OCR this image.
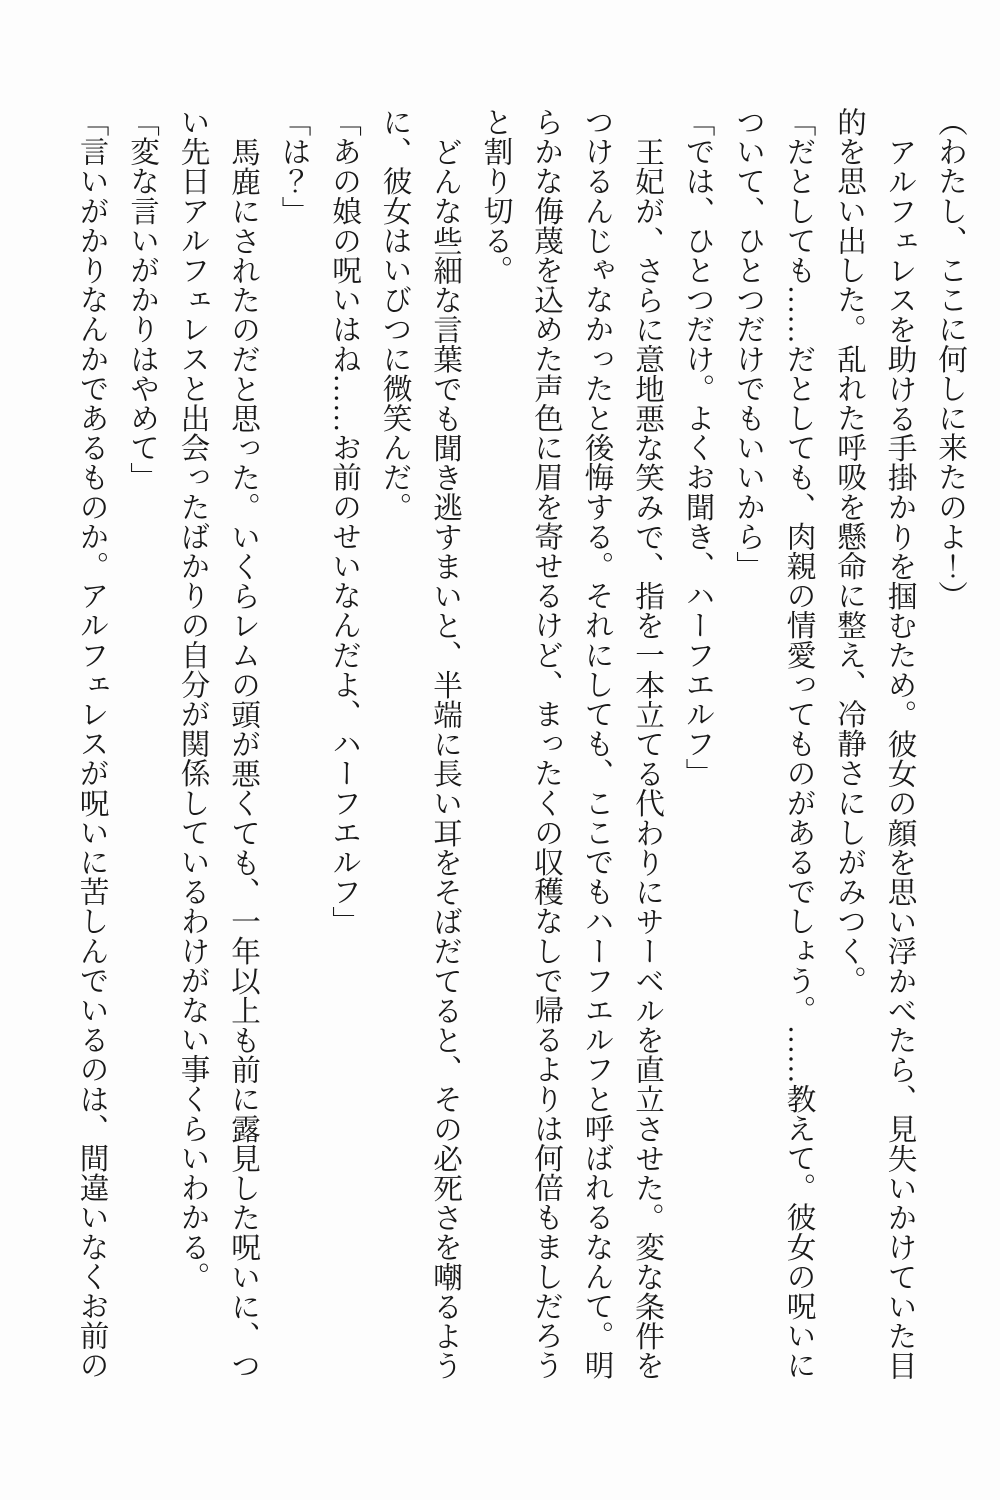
（わたし、ここに何しに来たのよ！）

アルフェレスを助ける手掛かりを掴むため。彼女の顔を思い浮かべたら、見失いかけていた目的を思い出した。乱れた呼吸を懸命に整え、冷静さにしがみつく。

「だとしても……だとしても、肉親の情愛ってものがあるでしょう。……教えて。彼女の呪いについて、ひとつだけでもいいから」

「では、ひとつだけ。よくお聞き、ハーフエルフ」

王妃が、さらに意地悪な笑みで、指を一本立てる代わりにサーベルを直立させた。変な条件をつけるんじゃなかったと後悔する。それにしても、ここでもハーフエルフと呼ばれるなんて。明らかな侮蔑を込めた声色に眉を寄せるけど、まったくの収穫なしで帰るよりは何倍もましだろうと割り切る。

どんな些細な言葉でも聞き逃すまいと、半端に長い耳をそばだてると、その必死さを嘲るように、彼女はいびつに微笑んだ。

「あの娘の呪いはね……お前のせいなんだよ、ハーフエルフ」

「は？」

馬鹿にされたのだと思った。いくらレムの頭が悪くても、一年以上も前に露見した呪いに、つい先日アルフェレスと出会ったばかりの自分が関係しているわけがない事くらいわかる。

「変な言いがかりはやめて」

「言いがかりなんかであるものか。アルフェレスが呪いに苦しんでいるのは、間違いなくお前の
